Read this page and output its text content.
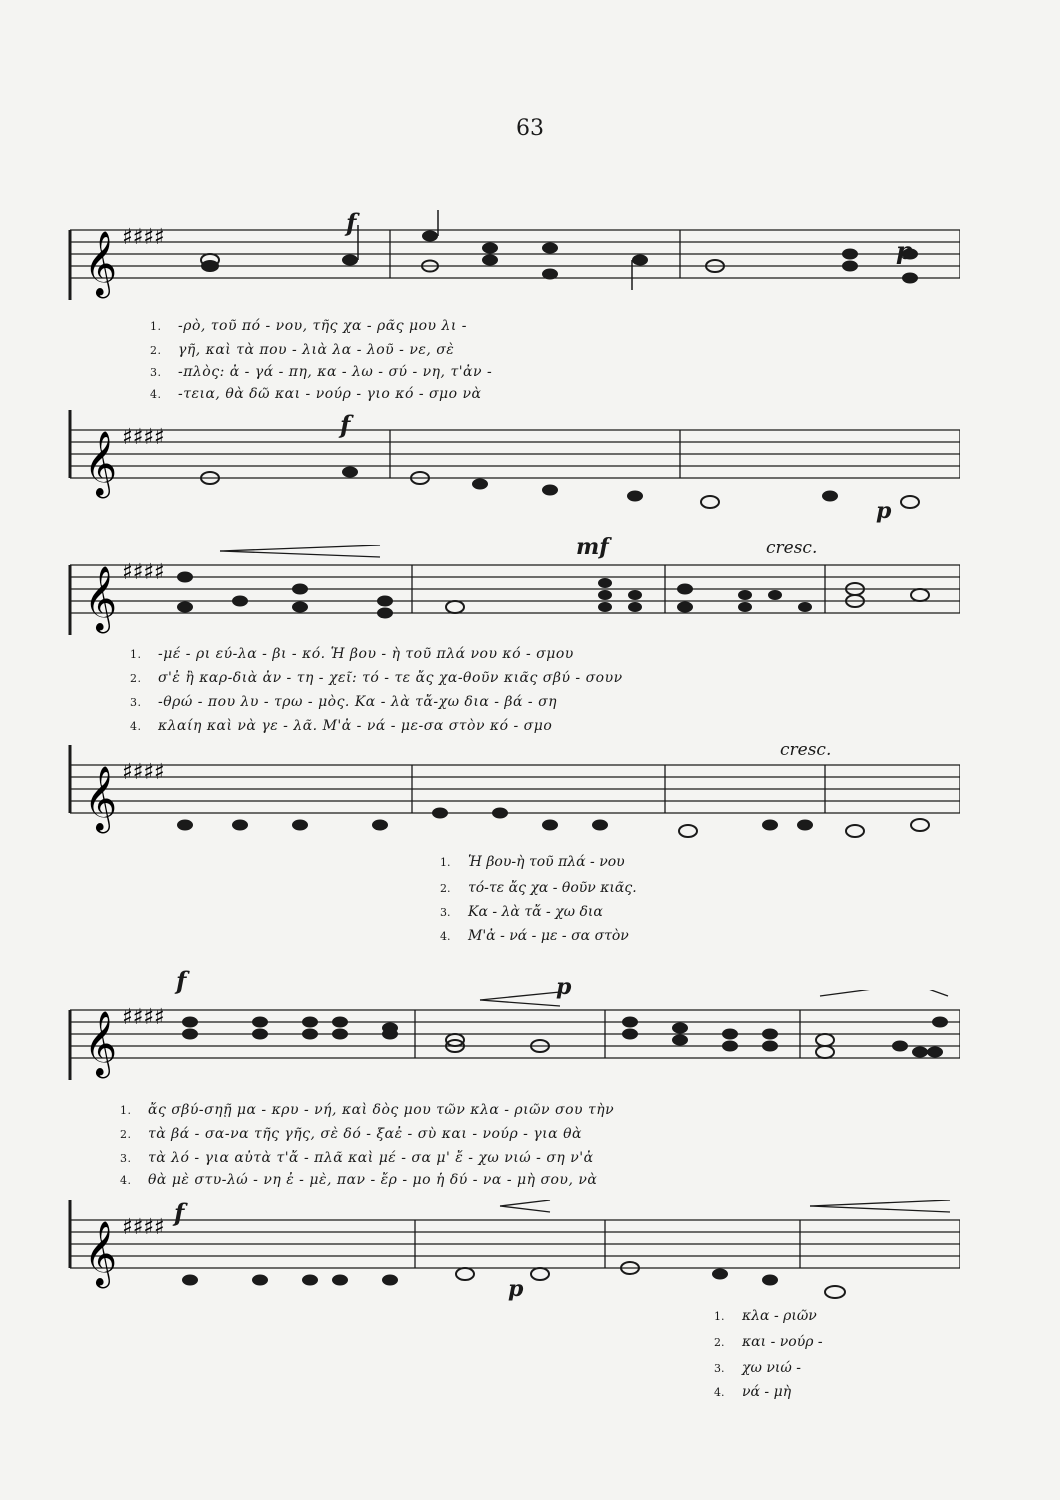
63
𝄞 ♯♯♯♯
f
p
1. -ρὸ, τοῦ πό - νου, τῆς χα - ρᾶς μου λι -
2. γῆ, καὶ τὰ που - λιὰ λα - λοῦ - νε, σὲ
3. -πλὸς: ἀ - γά - πη, κα - λω - σύ - νη, τ'ἀν -
4. -τεια, θὰ δῶ και - νούρ - γιο κό - σμο νὰ
𝄞 ♯♯♯♯	f
p
𝄞 ♯♯♯♯
mf	cresc.
1. -μέ - ρι εύ-λα - βι - κό. Ἡ βου - ὴ τοῦ πλά νου κό - σμου
2. σ'ἐ ἢ καρ-διὰ ἀν - τη - χεῖ: τό - τε ἄς χα-θοῦν κιᾶς σβύ - σουν
3. -θρώ - που λυ - τρω - μὸς. Κα - λὰ τἄ-χω δια - βά - ση
4. κλαίη καὶ νὰ γε - λᾶ. Μ'ἀ - νά - με-σα στὸν κό - σμο
𝄞 ♯♯♯♯
cresc.
1. Ἡ βου-ὴ τοῦ πλά - νου
2. τό-τε ἄς χα - θοῦν κιᾶς.
3. Κα - λὰ τἄ - χω δια
4. Μ'ἀ - νά - με - σα στὸν
𝄞 ♯♯♯♯
f	p
1. ἄς σβύ-σηῇ μα - κρυ - νή, καὶ δὸς μου τῶν κλα - ριῶν σου τὴν
2. τὰ βά - σα-να τῆς γῆς, σὲ δό - ξαἐ - σὺ και - νούρ - για θὰ
3. τὰ λό - για αὐτὰ τ'ἄ - πλᾶ καὶ μέ - σα μ' ἔ - χω νιώ - ση ν'ἀ
4. θὰ μὲ στυ-λώ - νη ἐ - μὲ, παν - ἔρ - μο ἡ δύ - να - μὴ σου, νὰ
𝄞 ♯♯♯♯
f
p
1. κλα - ριῶν
2. και - νούρ -
3. χω νιώ -
4. νά - μὴ
